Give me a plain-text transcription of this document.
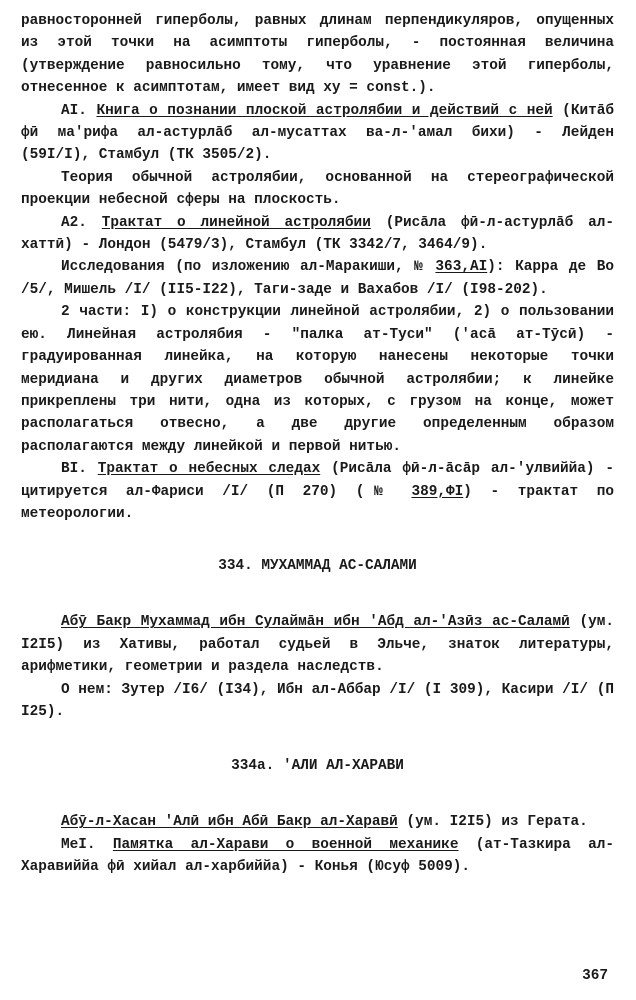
равносторонней гиперболы, равных длинам перпендикуляров, опущенных из этой точки на асимптоты гиперболы, - постоянная величина (утверждение равносильно тому, что уравнение этой гиперболы, отнесенное к асимптотам, имеет вид xy = const.).

AI. Книга о познании плоской астролябии и действий с ней (Китāб фӣ ма'рифа ал-астурлāб ал-мусаттах ва-л-'амал бихи) - Лейден (59I/I), Стамбул (ТК 3505/2).

Теория обычной астролябии, основанной на стереографической проекции небесной сферы на плоскость.

А2. Трактат о линейной астролябии (Рисāла фӣ-л-астурлāб ал-хаттӣ) - Лондон (5479/3), Стамбул (ТК 3342/7, 3464/9).

Исследования (по изложению ал-Маракиши, № 363,AI): Карра де Во /5/, Мишель /I/ (II5-I22), Таги-заде и Вахабов /I/ (I98-202).

2 части: I) о конструкции линейной астролябии, 2) о пользовании ею. Линейная астролябия - "палка ат-Туси" ('асā ат-Тӯсӣ) - градуированная линейка, на которую нанесены некоторые точки меридиана и других диаметров обычной астролябии; к линейке прикреплены три нити, одна из которых, с грузом на конце, может располагаться отвесно, а две другие определенным образом располагаются между линейкой и первой нитью.

BI. Трактат о небесных следах (Рисāла фӣ-л-āсāр ал-'улвиййа) - цитируется ал-Фариси /I/ (П 270) (№ 389,ФI) - трактат по метеорологии.

334. МУХАММАД АС-САЛАМИ

Абӯ Бакр Мухаммад ибн Сулаймāн ибн 'Абд ал-'Азӣз ас-Саламӣ (ум. I2I5) из Хативы, работал судьей в Эльче, знаток литературы, арифметики, геометрии и раздела наследств.

О нем: Зутер /I6/ (I34), Ибн ал-Аббар /I/ (I 309), Касири /I/ (П I25).

334а. 'АЛИ АЛ-ХАРАВИ

Абӯ-л-Хасан 'Алӣ ибн Абӣ Бакр ал-Харавӣ (ум. I2I5) из Герата.

МеI. Памятка ал-Харави о военной механике (ат-Тазкира ал-Харавиййа фӣ хийал ал-харбиййа) - Конья (Юсуф 5009).

367
